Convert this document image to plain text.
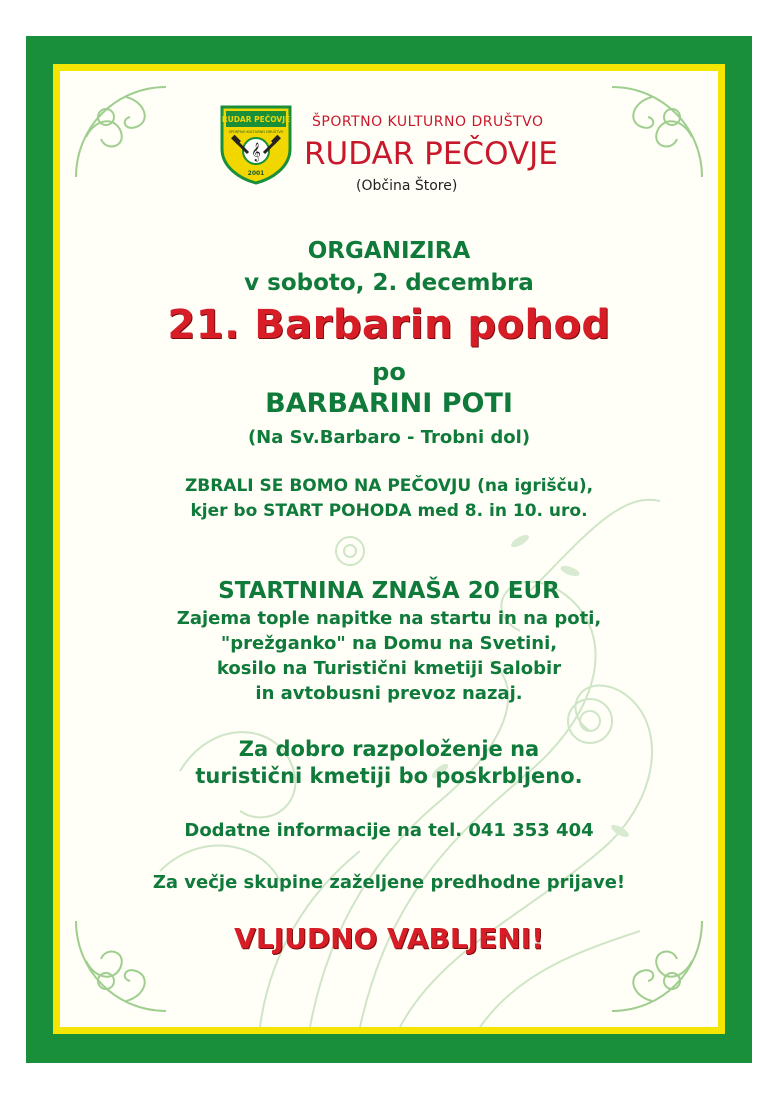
RUDAR PEČOVJE
ŠPORTNO KULTURNO DRUŠTVO
𝄞
2001
ŠPORTNO KULTURNO DRUŠTVO
RUDAR PEČOVJE
(Občina Štore)
ORGANIZIRA
v soboto, 2. decembra
21. Barbarin pohod
po
BARBARINI POTI
(Na Sv.Barbaro - Trobni dol)
ZBRALI SE BOMO NA PEČOVJU (na igrišču),
kjer bo START POHODA med 8. in 10. uro.
STARTNINA ZNAŠA 20 EUR
Zajema tople napitke na startu in na poti,
"prežganko" na Domu na Svetini,
kosilo na Turistični kmetiji Salobir
in avtobusni prevoz nazaj.
Za dobro razpoloženje na
turistični kmetiji bo poskrbljeno.
Dodatne informacije na tel. 041 353 404
Za večje skupine zaželjene predhodne prijave!
VLJUDNO VABLJENI!
